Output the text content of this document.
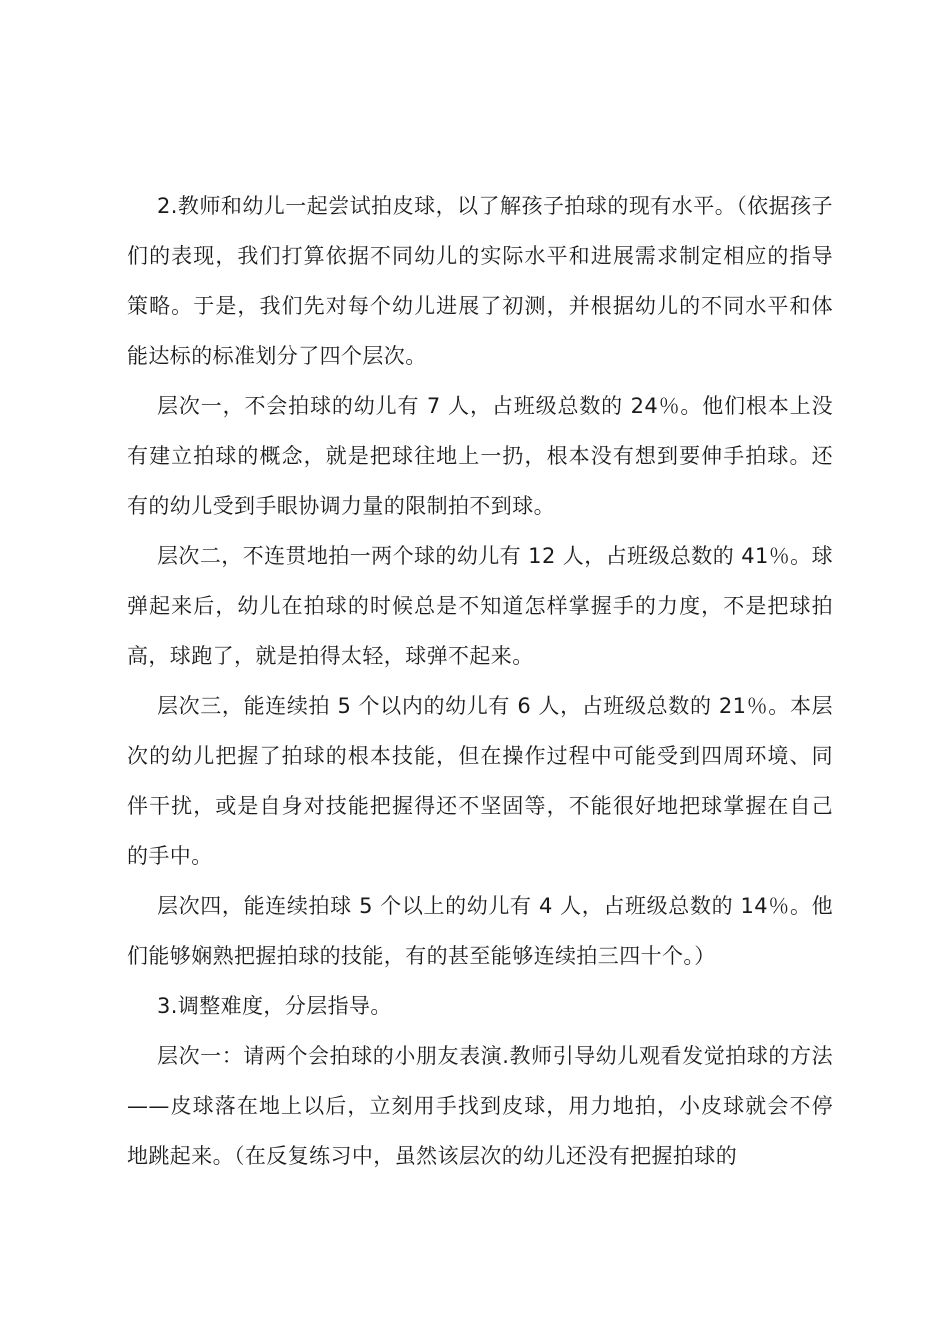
2.教师和幼儿一起尝试拍皮球，以了解孩子拍球的现有水平。（依据孩子们的表现，我们打算依据不同幼儿的实际水平和进展需求制定相应的指导策略。于是，我们先对每个幼儿进展了初测，并根据幼儿的不同水平和体能达标的标准划分了四个层次。

层次一，不会拍球的幼儿有 7 人，占班级总数的 24％。他们根本上没有建立拍球的概念，就是把球往地上一扔，根本没有想到要伸手拍球。还有的幼儿受到手眼协调力量的限制拍不到球。

层次二，不连贯地拍一两个球的幼儿有 12 人，占班级总数的 41％。球弹起来后，幼儿在拍球的时候总是不知道怎样掌握手的力度，不是把球拍高，球跑了，就是拍得太轻，球弹不起来。

层次三，能连续拍 5 个以内的幼儿有 6 人，占班级总数的 21％。本层次的幼儿把握了拍球的根本技能，但在操作过程中可能受到四周环境、同伴干扰，或是自身对技能把握得还不坚固等，不能很好地把球掌握在自己的手中。

层次四，能连续拍球 5 个以上的幼儿有 4 人，占班级总数的 14％。他们能够娴熟把握拍球的技能，有的甚至能够连续拍三四十个。）

3.调整难度，分层指导。

层次一：请两个会拍球的小朋友表演.教师引导幼儿观看发觉拍球的方法——皮球落在地上以后，立刻用手找到皮球，用力地拍，小皮球就会不停地跳起来。（在反复练习中，虽然该层次的幼儿还没有把握拍球的
